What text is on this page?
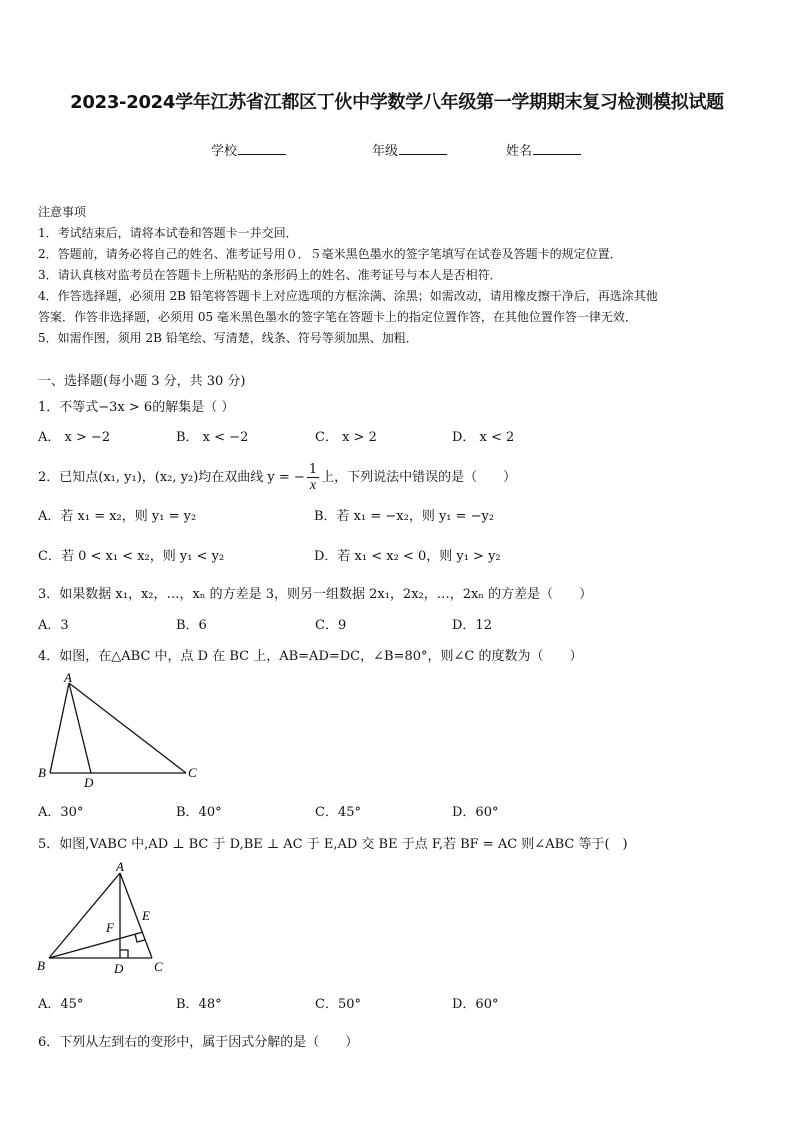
2023-2024学年江苏省江都区丁伙中学数学八年级第一学期期末复习检测模拟试题
学校	年级	姓名
注意事项
1．考试结束后，请将本试卷和答题卡一并交回．
2．答题前，请务必将自己的姓名、准考证号用０．５毫米黑色墨水的签字笔填写在试卷及答题卡的规定位置．
3．请认真核对监考员在答题卡上所粘贴的条形码上的姓名、准考证号与本人是否相符．
4．作答选择题，必须用 2B 铅笔将答题卡上对应选项的方框涂满、涂黑；如需改动，请用橡皮擦干净后，再选涂其他
答案．作答非选择题，必须用 05 毫米黑色墨水的签字笔在答题卡上的指定位置作答，在其他位置作答一律无效．
5．如需作图，须用 2B 铅笔绘、写清楚，线条、符号等须加黑、加粗．
一、选择题(每小题 3 分，共 30 分)
1．不等式−3x > 6的解集是（ ）
A． x > −2	B． x < −2	C． x > 2	D． x < 2
2．已知点(x₁, y₁)，(x₂, y₂)均在双曲线 y = − $\frac{1}{x}$ 上，下列说法中错误的是（　　）
A．若 x₁ = x₂，则 y₁ = y₂	B．若 x₁ = −x₂，则 y₁ = −y₂
C．若 0 < x₁ < x₂，则 y₁ < y₂	D．若 x₁ < x₂ < 0，则 y₁ > y₂
3．如果数据 x₁，x₂，…，xₙ 的方差是 3，则另一组数据 2x₁，2x₂，…，2xₙ 的方差是（　　）
A．3	B．6	C．9	D．12
4．如图，在△ABC 中，点 D 在 BC 上，AB=AD=DC，∠B=80°，则∠C 的度数为（　　）
A
B
D
C
A．30°	B．40°	C．45°	D．60°
5．如图,VABC 中,AD ⊥ BC 于 D,BE ⊥ AC 于 E,AD 交 BE 于点 F,若 BF = AC 则∠ABC 等于(　)
A
E
F
B	D C
A．45°	B．48°	C．50°	D．60°
6．下列从左到右的变形中，属于因式分解的是（　　）
